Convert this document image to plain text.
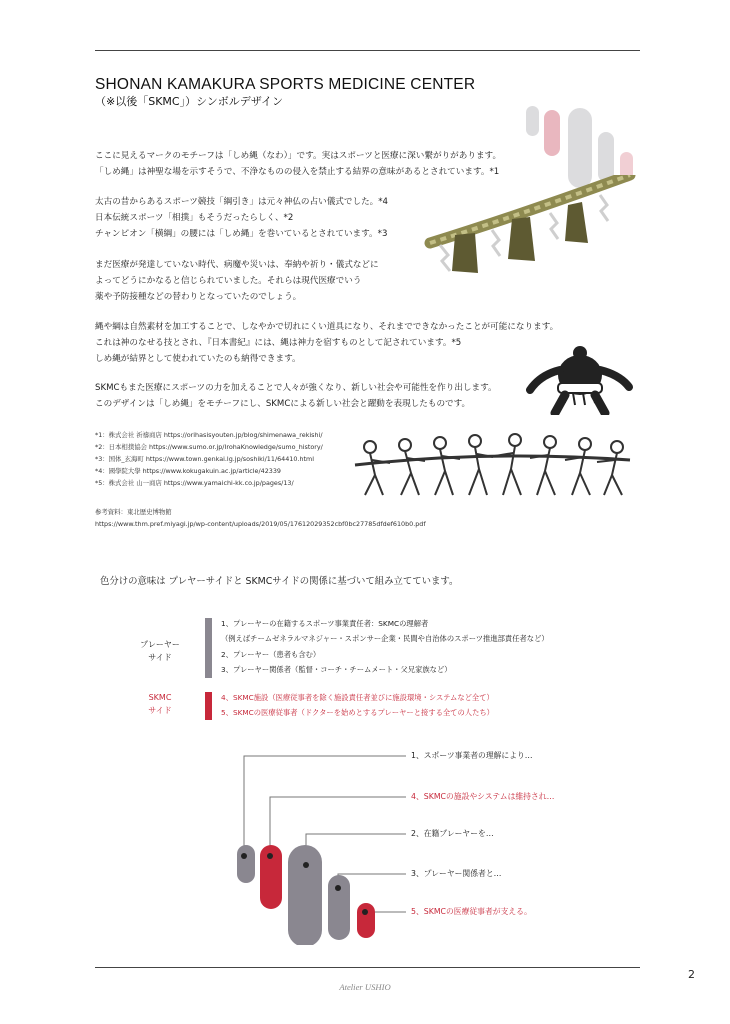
SHONAN KAMAKURA SPORTS MEDICINE CENTER
（※以後「SKMC」）シンボルデザイン
ここに見えるマークのモチーフは「しめ縄（なわ）」です。実はスポーツと医療に深い繋がりがあります。
「しめ縄」は神聖な場を示すそうで、不浄なものの侵入を禁止する結界の意味があるとされています。*1
太古の昔からあるスポーツ競技「綱引き」は元々神仏の占い儀式でした。*4
日本伝統スポーツ「相撲」もそうだったらしく、*2
チャンピオン「横綱」の腰には「しめ縄」を巻いているとされています。*3
まだ医療が発達していない時代、病魔や災いは、奉納や祈り・儀式などに
よってどうにかなると信じられていました。それらは現代医療でいう
薬や予防接種などの替わりとなっていたのでしょう。
縄や綱は自然素材を加工することで、しなやかで切れにくい道具になり、それまでできなかったことが可能になります。
これは神のなせる技とされ、『日本書紀』には、縄は神力を宿すものとして記されています。*5
しめ縄が結界として使われていたのも納得できます。
SKMCもまた医療にスポーツの力を加えることで人々が強くなり、新しい社会や可能性を作り出します。
このデザインは「しめ縄」をモチーフにし、SKMCによる新しい社会と躍動を表現したものです。
*1：株式会社 祈禱商店 https://orihasisyouten.jp/blog/shimenawa_rekishi/
*2：日本相撲協会 https://www.sumo.or.jp/IrohaKnowledge/sumo_history/
*3：国体_玄海町 https://www.town.genkai.lg.jp/soshiki/11/64410.html
*4：國學院大學 https://www.kokugakuin.ac.jp/article/42339
*5：株式会社 山一商店 https://www.yamaichi-kk.co.jp/pages/13/
参考資料：東北歴史博物館
https://www.thm.pref.miyagi.jp/wp-content/uploads/2019/05/17612029352cbf0bc27785dfdef610b0.pdf
色分けの意味は プレヤーサイドと SKMCサイドの関係に基づいて組み立てています。
プレーヤー
サイド
1、プレーヤーの在籍するスポーツ事業責任者：SKMCの理解者
（例えばチームゼネラルマネジャー・スポンサー企業・民間や自治体のスポーツ推進部責任者など）
2、プレーヤー（患者も含む）
3、プレーヤー関係者（監督・コーチ・チームメート・父兄家族など）
SKMC
サイド
4、SKMC施設（医療従事者を除く施設責任者並びに施設環境・システムなど全て）
5、SKMCの医療従事者（ドクターを始めとするプレーヤーと接する全ての人たち）
1、スポーツ事業者の理解により…
4、SKMCの施設やシステムは維持され…
2、在籍プレーヤーを…
3、プレーヤー関係者と…
5、SKMCの医療従事者が支える。
Atelier USHIO
2
